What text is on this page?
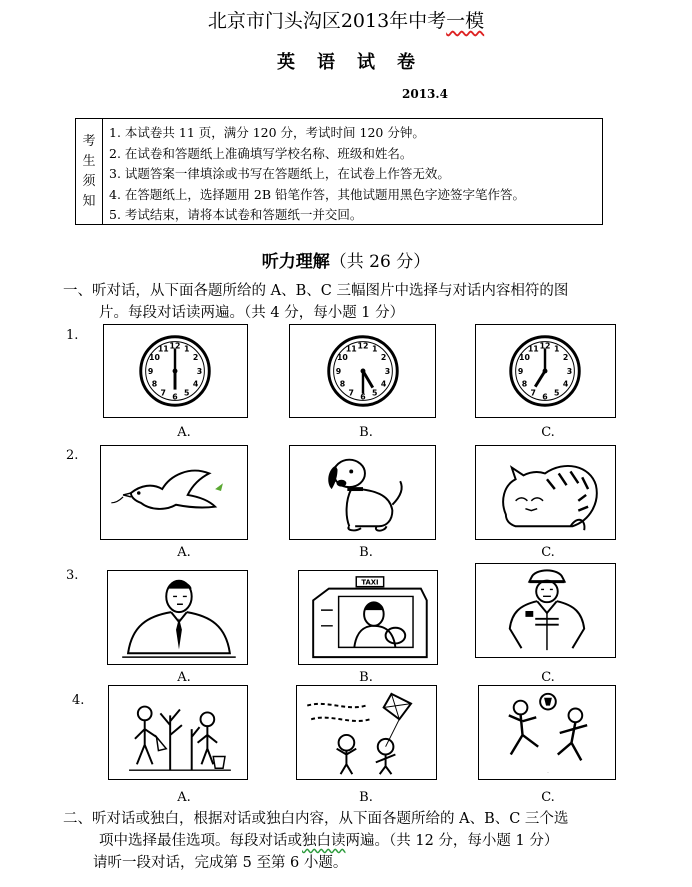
北京市门头沟区2013年中考一模
英语试卷
2013.4
考
生
须
知
1. 本试卷共 11 页，满分 120 分，考试时间 120 分钟。
2. 在试卷和答题纸上准确填写学校名称、班级和姓名。
3. 试题答案一律填涂或书写在答题纸上，在试卷上作答无效。
4. 在答题纸上，选择题用 2B 铅笔作答，其他试题用黑色字迹签字笔作答。
5. 考试结束，请将本试卷和答题纸一并交回。
听力理解（共 26 分）
一、听对话，从下面各题所给的 A、B、C 三幅图片中选择与对话内容相符的图
片。每段对话读两遍。（共 4 分，每小题 1 分）
1.
2.
3.
4.
12 1
2
3
4
5
6
7
8
9
10
11	12 1
2
3
4
5
6
7
8
9
10
11	12 1
2
3
4
5
6
7
8
9
10
11
A.	B.	C.
A.	B.	C.
TAXI
A.	B.	C.
·
A.	B.	C.
二、听对话或独白，根据对话或独白内容，从下面各题所给的 A、B、C 三个选
项中选择最佳选项。每段对话或独白读两遍。（共 12 分，每小题 1 分）
请听一段对话，完成第 5 至第 6 小题。
